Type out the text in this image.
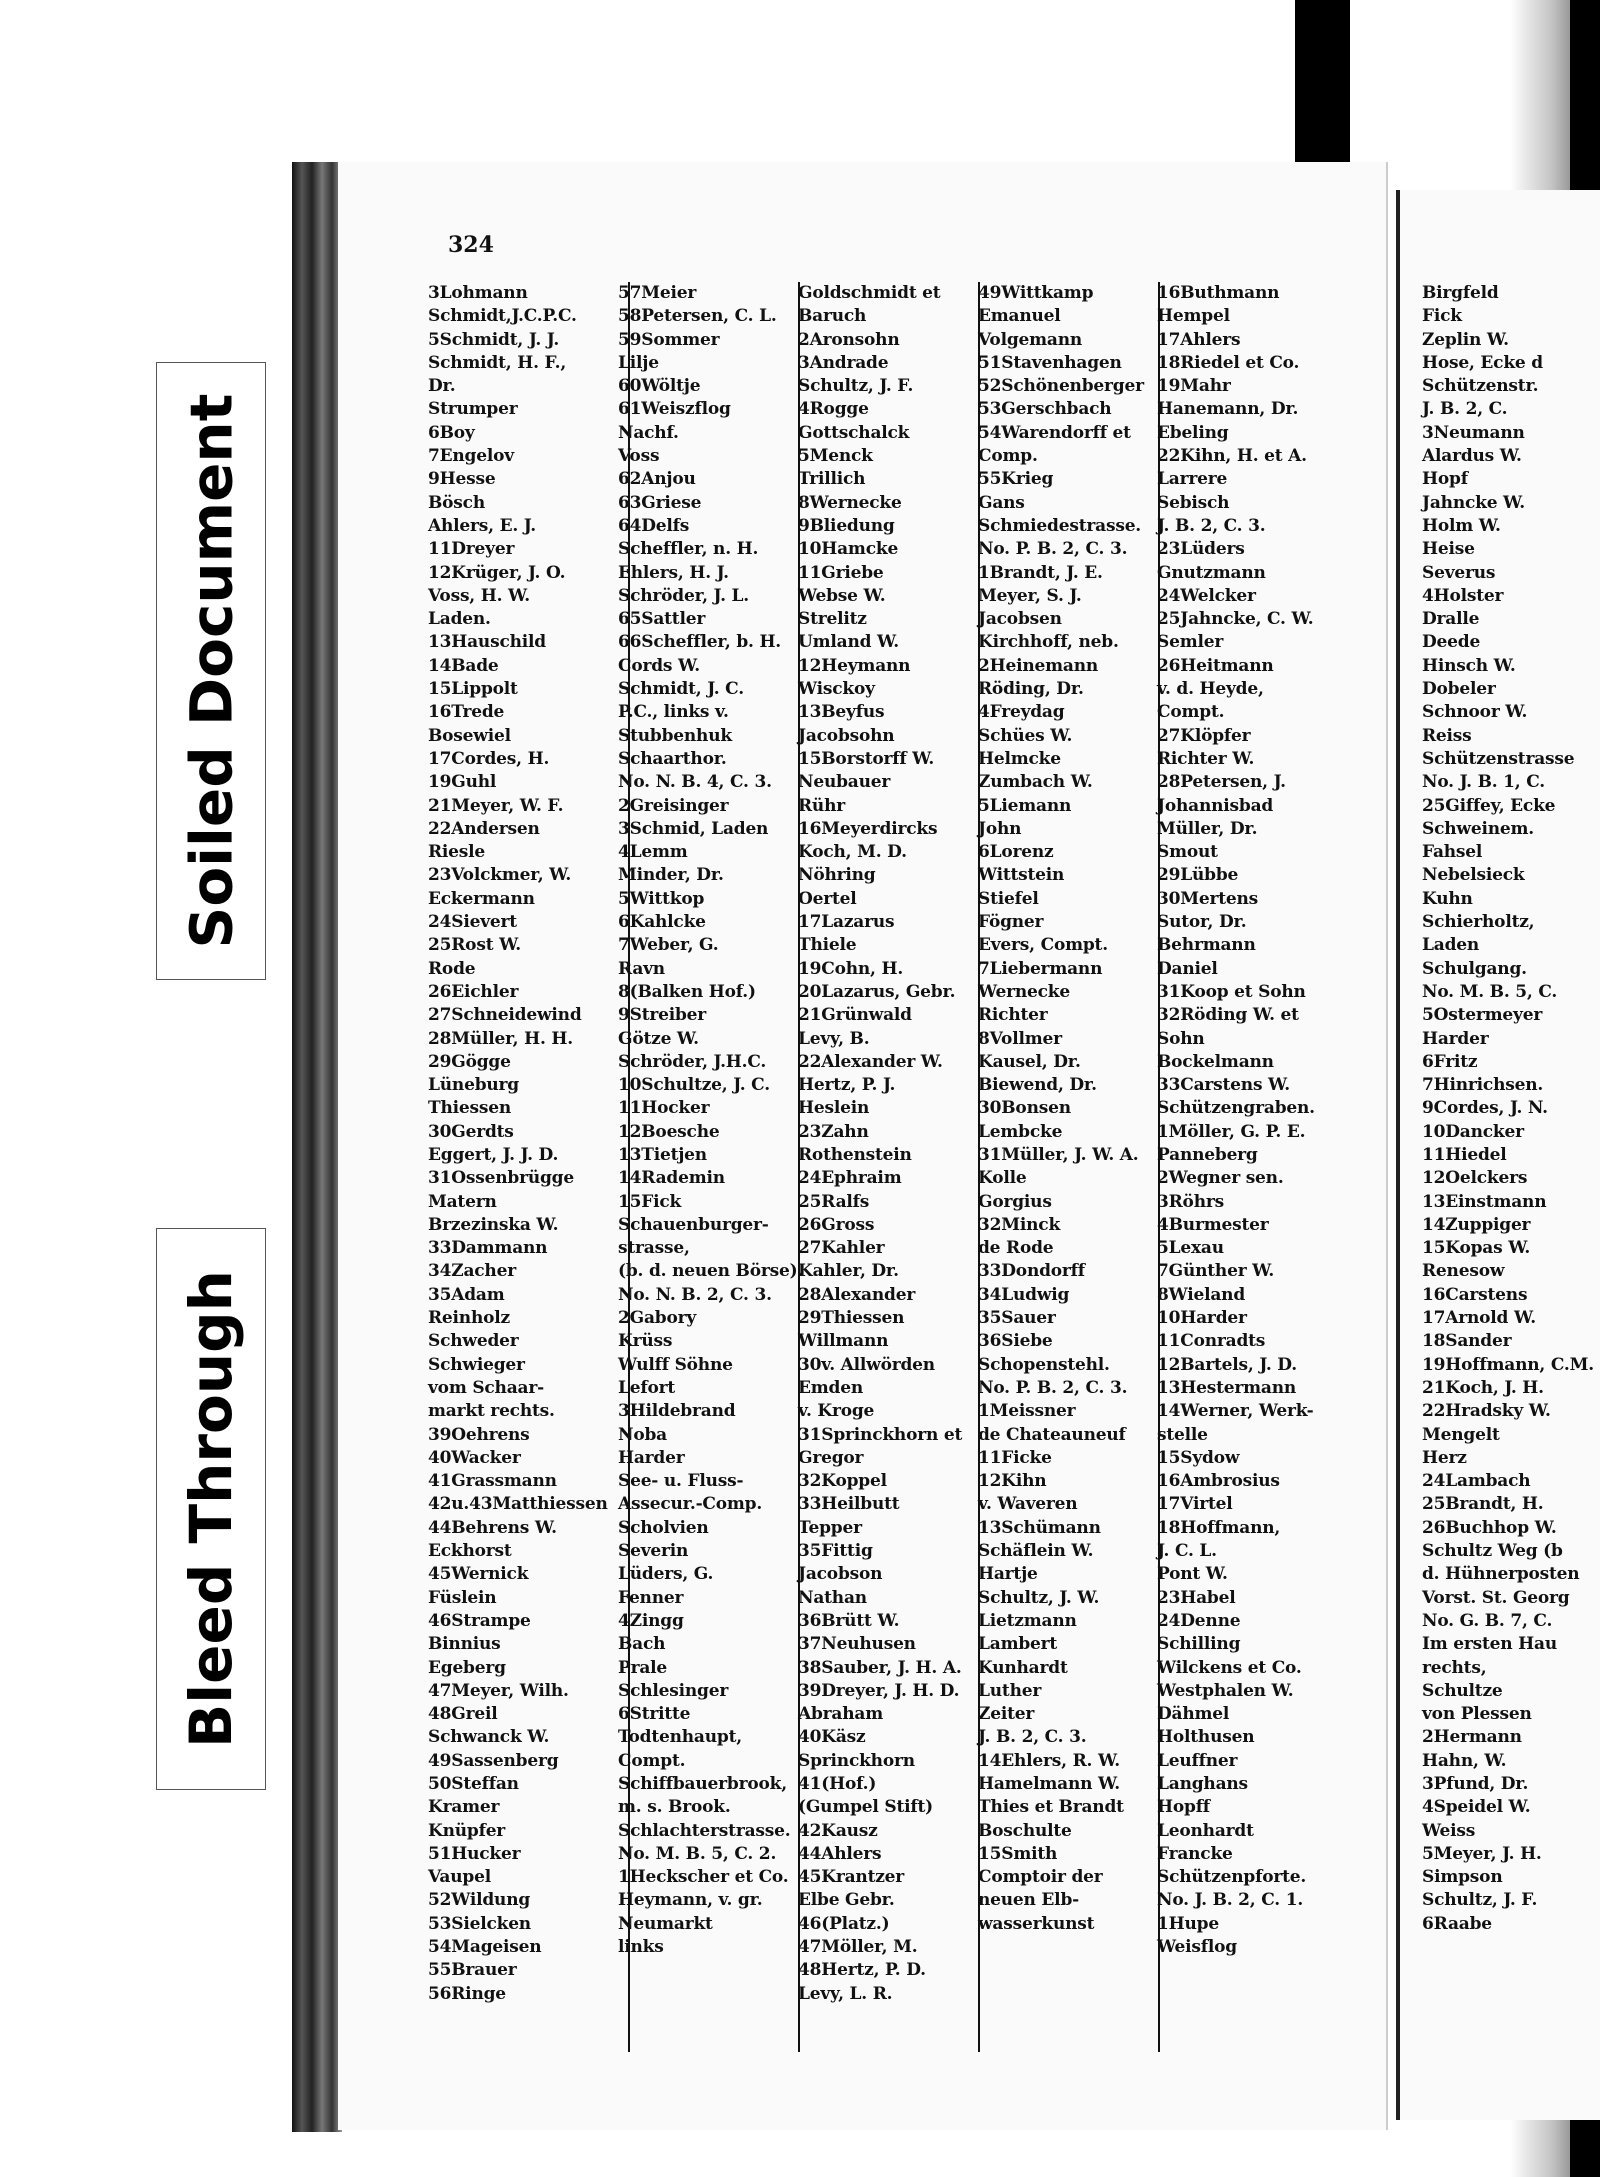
Soiled Document
Bleed Through
324
3Lohmann
Schmidt,J.C.P.C.
5Schmidt, J. J.
Schmidt, H. F.,
Dr.
Strumper
6Boy
7Engelov
9Hesse
Bösch
Ahlers, E. J.
11Dreyer
12Krüger, J. O.
Voss, H. W.
Laden.
13Hauschild
14Bade
15Lippolt
16Trede
Bosewiel
17Cordes, H.
19Guhl
21Meyer, W. F.
22Andersen
Riesle
23Volckmer, W.
Eckermann
24Sievert
25Rost W.
Rode
26Eichler
27Schneidewind
28Müller, H. H.
29Gögge
Lüneburg
Thiessen
30Gerdts
Eggert, J. J. D.
31Ossenbrügge
Matern
Brzezinska W.
33Dammann
34Zacher
35Adam
Reinholz
Schweder
Schwieger
vom Schaar-
markt rechts.
39Oehrens
40Wacker
41Grassmann
42u.43Matthiessen
44Behrens W.
Eckhorst
45Wernick
Füslein
46Strampe
Binnius
Egeberg
47Meyer, Wilh.
48Greil
Schwanck W.
49Sassenberg
50Steffan
Kramer
Knüpfer
51Hucker
Vaupel
52Wildung
53Sielcken
54Mageisen
55Brauer
56Ringe
57Meier
58Petersen, C. L.
59Sommer
Lilje
60Wöltje
61Weiszflog
Nachf.
Voss
62Anjou
63Griese
64Delfs
Scheffler, n. H.
Ehlers, H. J.
Schröder, J. L.
65Sattler
66Scheffler, b. H.
Cords W.
Schmidt, J. C.
P.C., links v.
Stubbenhuk
Schaarthor.
No. N. B. 4, C. 3.
2Greisinger
3Schmid, Laden
4Lemm
Minder, Dr.
5Wittkop
6Kahlcke
7Weber, G.
Ravn
8(Balken Hof.)
9Streiber
Götze W.
Schröder, J.H.C.
10Schultze, J. C.
11Hocker
12Boesche
13Tietjen
14Rademin
15Fick
Schauenburger-
strasse,
(b. d. neuen Börse).
No. N. B. 2, C. 3.
2Gabory
Krüss
Wulff Söhne
Lefort
3Hildebrand
Noba
Harder
See- u. Fluss-
Assecur.-Comp.
Scholvien
Severin
Lüders, G.
Fenner
4Zingg
Bach
Prale
Schlesinger
6Stritte
Todtenhaupt,
Compt.
Schiffbauerbrook,
m. s. Brook.
Schlachterstrasse.
No. M. B. 5, C. 2.
1Heckscher et Co.
Heymann, v. gr.
Neumarkt
links
Goldschmidt et
Baruch
2Aronsohn
3Andrade
Schultz, J. F.
4Rogge
Gottschalck
5Menck
Trillich
8Wernecke
9Bliedung
10Hamcke
11Griebe
Webse W.
Strelitz
Umland W.
12Heymann
Wisckoy
13Beyfus
Jacobsohn
15Borstorff W.
Neubauer
Rühr
16Meyerdircks
Koch, M. D.
Nöhring
Oertel
17Lazarus
Thiele
19Cohn, H.
20Lazarus, Gebr.
21Grünwald
Levy, B.
22Alexander W.
Hertz, P. J.
Heslein
23Zahn
Rothenstein
24Ephraim
25Ralfs
26Gross
27Kahler
Kahler, Dr.
28Alexander
29Thiessen
Willmann
30v. Allwörden
Emden
v. Kroge
31Sprinckhorn et
Gregor
32Koppel
33Heilbutt
Tepper
35Fittig
Jacobson
Nathan
36Brütt W.
37Neuhusen
38Sauber, J. H. A.
39Dreyer, J. H. D.
Abraham
40Käsz
Sprinckhorn
41(Hof.)
(Gumpel Stift)
42Kausz
44Ahlers
45Krantzer
Elbe Gebr.
46(Platz.)
47Möller, M.
48Hertz, P. D.
Levy, L. R.
49Wittkamp
Emanuel
Volgemann
51Stavenhagen
52Schönenberger
53Gerschbach
54Warendorff et
Comp.
55Krieg
Gans
Schmiedestrasse.
No. P. B. 2, C. 3.
1Brandt, J. E.
Meyer, S. J.
Jacobsen
Kirchhoff, neb.
2Heinemann
Röding, Dr.
4Freydag
Schües W.
Helmcke
Zumbach W.
5Liemann
John
6Lorenz
Wittstein
Stiefel
Fögner
Evers, Compt.
7Liebermann
Wernecke
Richter
8Vollmer
Kausel, Dr.
Biewend, Dr.
30Bonsen
Lembcke
31Müller, J. W. A.
Kolle
Gorgius
32Minck
de Rode
33Dondorff
34Ludwig
35Sauer
36Siebe
Schopenstehl.
No. P. B. 2, C. 3.
1Meissner
de Chateauneuf
11Ficke
12Kihn
v. Waveren
13Schümann
Schäflein W.
Hartje
Schultz, J. W.
Lietzmann
Lambert
Kunhardt
Luther
Zeiter
J. B. 2, C. 3.
14Ehlers, R. W.
Hamelmann W.
Thies et Brandt
Boschulte
15Smith
Comptoir der
neuen Elb-
wasserkunst
16Buthmann
Hempel
17Ahlers
18Riedel et Co.
19Mahr
Hanemann, Dr.
Ebeling
22Kihn, H. et A.
Larrere
Sebisch
J. B. 2, C. 3.
23Lüders
Gnutzmann
24Welcker
25Jahncke, C. W.
Semler
26Heitmann
v. d. Heyde,
Compt.
27Klöpfer
Richter W.
28Petersen, J.
Johannisbad
Müller, Dr.
Smout
29Lübbe
30Mertens
Sutor, Dr.
Behrmann
Daniel
31Koop et Sohn
32Röding W. et
Sohn
Bockelmann
33Carstens W.
Schützengraben.
1Möller, G. P. E.
Panneberg
2Wegner sen.
3Röhrs
4Burmester
5Lexau
7Günther W.
8Wieland
10Harder
11Conradts
12Bartels, J. D.
13Hestermann
14Werner, Werk-
stelle
15Sydow
16Ambrosius
17Virtel
18Hoffmann,
J. C. L.
Pont W.
23Habel
24Denne
Schilling
Wilckens et Co.
Westphalen W.
Dähmel
Holthusen
Leuffner
Langhans
Hopff
Leonhardt
Francke
Schützenpforte.
No. J. B. 2, C. 1.
1Hupe
Weisflog
Birgfeld
Fick
Zeplin W.
Hose, Ecke d
Schützenstr.
J. B. 2, C.
3Neumann
Alardus W.
Hopf
Jahncke W.
Holm W.
Heise
Severus
4Holster
Dralle
Deede
Hinsch W.
Dobeler
Schnoor W.
Reiss
Schützenstrasse
No. J. B. 1, C.
25Giffey, Ecke
Schweinem.
Fahsel
Nebelsieck
Kuhn
Schierholtz,
Laden
Schulgang.
No. M. B. 5, C.
5Ostermeyer
Harder
6Fritz
7Hinrichsen.
9Cordes, J. N.
10Dancker
11Hiedel
12Oelckers
13Einstmann
14Zuppiger
15Kopas W.
Renesow
16Carstens
17Arnold W.
18Sander
19Hoffmann, C.M.
21Koch, J. H.
22Hradsky W.
Mengelt
Herz
24Lambach
25Brandt, H.
26Buchhop W.
Schultz Weg (b
d. Hühnerposten
Vorst. St. Georg
No. G. B. 7, C.
Im ersten Hau
rechts,
Schultze
von Plessen
2Hermann
Hahn, W.
3Pfund, Dr.
4Speidel W.
Weiss
5Meyer, J. H.
Simpson
Schultz, J. F.
6Raabe
